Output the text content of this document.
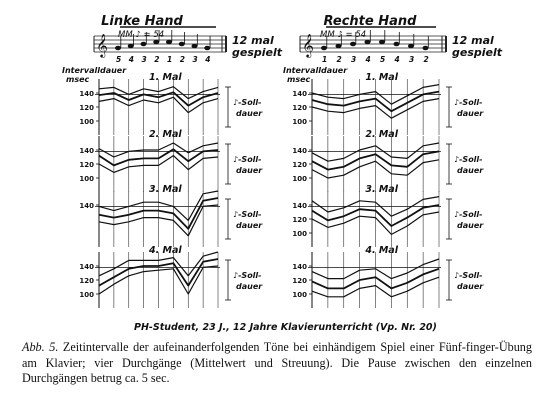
Linke Hand	Rechte Hand
𝄞	𝄞
MM ♪ = 54	MM ♪ = 54
12 mal
gespielt
12 mal
gespielt
5 4 3 2 1 2 3 4	1 2 3 4 5 4 3 2
Intervalldauer
msec
Intervalldauer
msec
140
120
100
1. Mal
♪-Soll-
dauer
140
120
100
2. Mal
♪-Soll-
dauer
140
3. Mal
♪-Soll-
dauer
140
120
100
4. Mal
♪-Soll-
dauer
140
120
100
1. Mal
♪-Soll-
dauer
140
120
100
2. Mal
♪-Soll-
dauer
140
120
100
3. Mal
♪-Soll-
dauer
140
120
100
4. Mal
♪-Soll-
dauer
PH-Student, 23 J., 12 Jahre Klavierunterricht (Vp. Nr. 20)
Abb. 5. Zeitintervalle der aufeinanderfolgenden Töne bei einhändigem Spiel einer Fünf-finger-Übung am Klavier; vier Durchgänge (Mittelwert und Streuung). Die Pause zwischen den einzelnen Durchgängen betrug ca. 5 sec.
